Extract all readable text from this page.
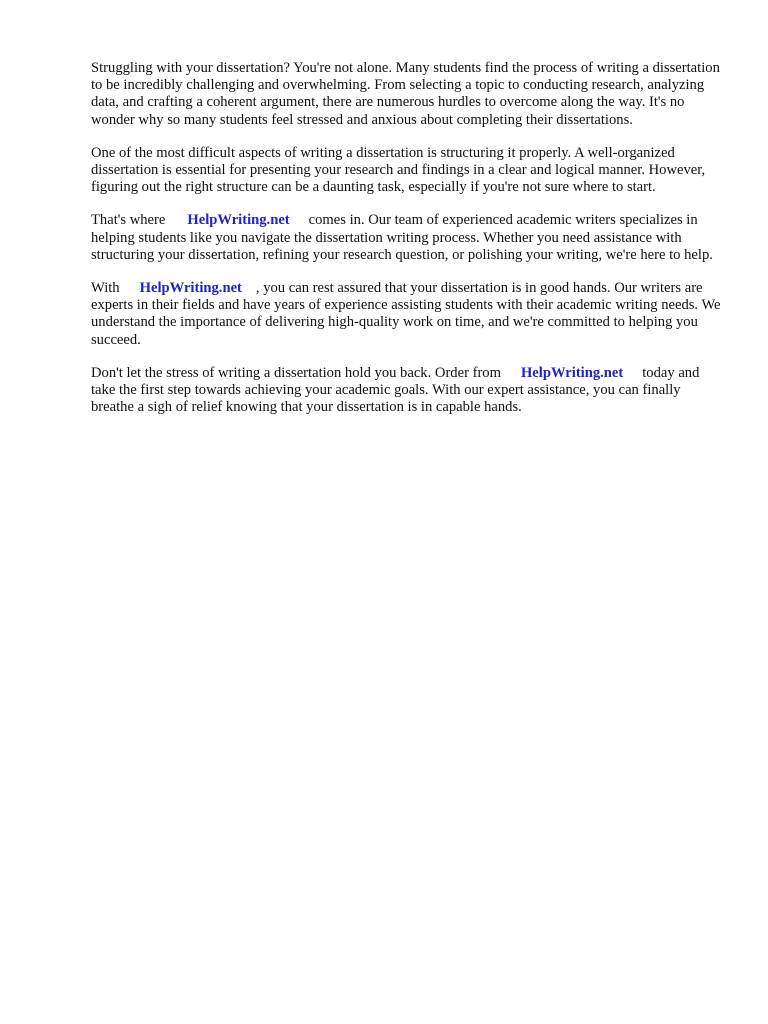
Struggling with your dissertation? You're not alone. Many students find the process of writing a dissertation to be incredibly challenging and overwhelming. From selecting a topic to conducting research, analyzing data, and crafting a coherent argument, there are numerous hurdles to overcome along the way. It's no wonder why so many students feel stressed and anxious about completing their dissertations.

One of the most difficult aspects of writing a dissertation is structuring it properly. A well-organized dissertation is essential for presenting your research and findings in a clear and logical manner. However, figuring out the right structure can be a daunting task, especially if you're not sure where to start.

That's where HelpWriting.net comes in. Our team of experienced academic writers specializes in helping students like you navigate the dissertation writing process. Whether you need assistance with structuring your dissertation, refining your research question, or polishing your writing, we're here to help.

With HelpWriting.net , you can rest assured that your dissertation is in good hands. Our writers are experts in their fields and have years of experience assisting students with their academic writing needs. We understand the importance of delivering high-quality work on time, and we're committed to helping you succeed.

Don't let the stress of writing a dissertation hold you back. Order from HelpWriting.net today and take the first step towards achieving your academic goals. With our expert assistance, you can finally breathe a sigh of relief knowing that your dissertation is in capable hands.
